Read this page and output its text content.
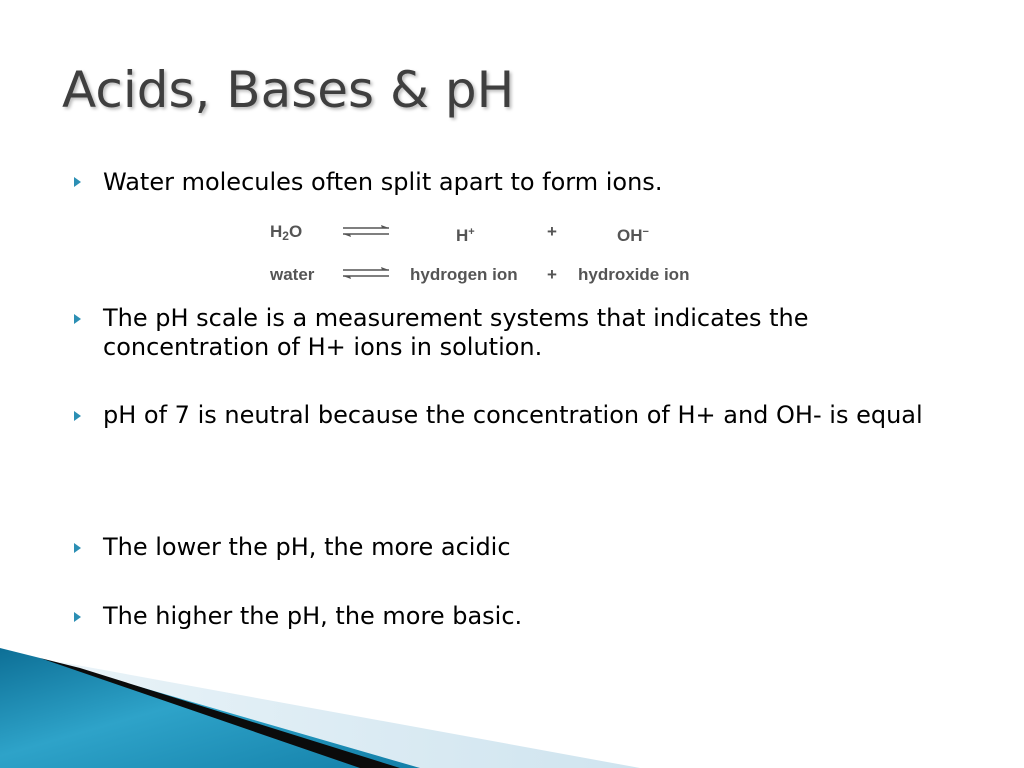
Acids, Bases & pH
Water molecules often split apart to form ions.
$H_2O$	H+	+	OH−
water ⇌ hydrogen ion + hydroxide ion
The pH scale is a measurement systems that indicates the concentration of H+ ions in solution.
pH of 7 is neutral because the concentration of H+ and OH- is equal
The lower the pH, the more acidic
The higher the pH, the more basic.
